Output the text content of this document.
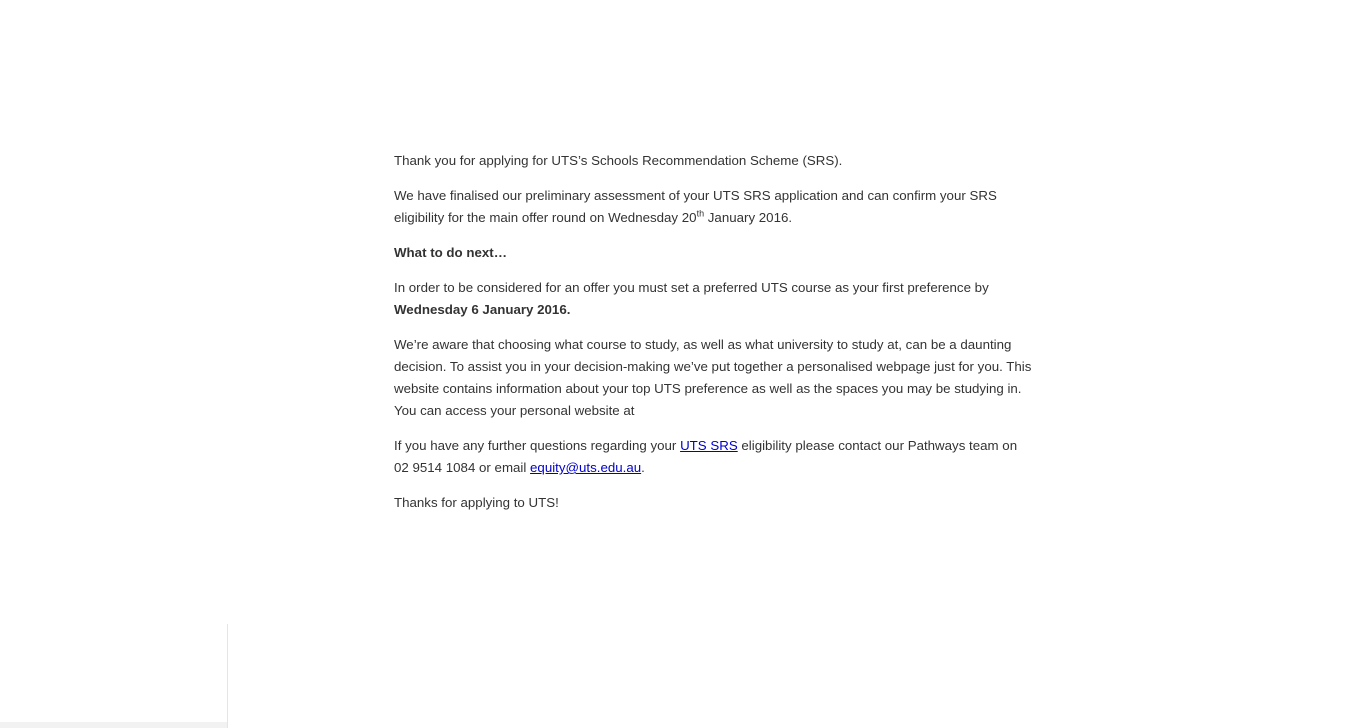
Thank you for applying for UTS’s Schools Recommendation Scheme (SRS).

We have finalised our preliminary assessment of your UTS SRS application and can confirm your SRS eligibility for the main offer round on Wednesday 20th January 2016.

What to do next…

In order to be considered for an offer you must set a preferred UTS course as your first preference by Wednesday 6 January 2016.

We’re aware that choosing what course to study, as well as what university to study at, can be a daunting decision. To assist you in your decision-making we’ve put together a personalised webpage just for you. This website contains information about your top UTS preference as well as the spaces you may be studying in. You can access your personal website at

If you have any further questions regarding your UTS SRS eligibility please contact our Pathways team on 02 9514 1084 or email equity@uts.edu.au.

Thanks for applying to UTS!
